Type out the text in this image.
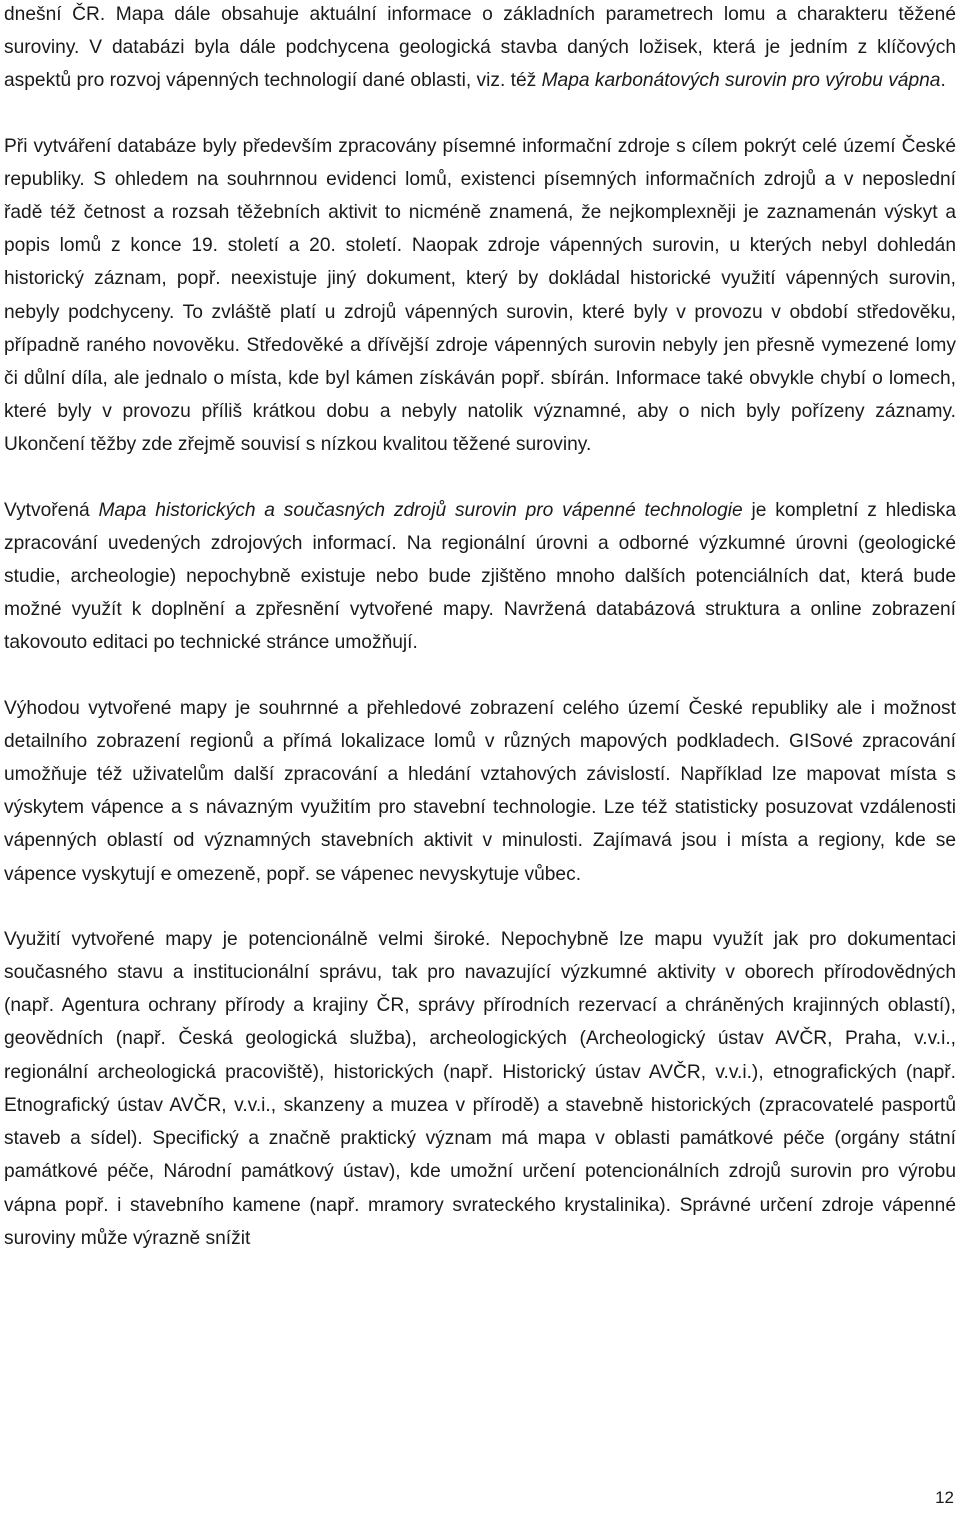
dnešní ČR. Mapa dále obsahuje aktuální informace o základních parametrech lomu a charakteru těžené suroviny. V databázi byla dále podchycena geologická stavba daných ložisek, která je jedním z klíčových aspektů pro rozvoj vápenných technologií dané oblasti, viz. též Mapa karbonátových surovin pro výrobu vápna.

Při vytváření databáze byly především zpracovány písemné informační zdroje s cílem pokrýt celé území České republiky. S ohledem na souhrnnou evidenci lomů, existenci písemných informačních zdrojů a v neposlední řadě též četnost a rozsah těžebních aktivit to nicméně znamená, že nejkomplexněji je zaznamenán výskyt a popis lomů z konce 19. století a 20. století. Naopak zdroje vápenných surovin, u kterých nebyl dohledán historický záznam, popř. neexistuje jiný dokument, který by dokládal historické využití vápenných surovin, nebyly podchyceny. To zvláště platí u zdrojů vápenných surovin, které byly v provozu v období středověku, případně raného novověku. Středověké a dřívější zdroje vápenných surovin nebyly jen přesně vymezené lomy či důlní díla, ale jednalo o místa, kde byl kámen získáván popř. sbírán. Informace také obvykle chybí o lomech, které byly v provozu příliš krátkou dobu a nebyly natolik významné, aby o nich byly pořízeny záznamy. Ukončení těžby zde zřejmě souvisí s nízkou kvalitou těžené suroviny.

Vytvořená Mapa historických a současných zdrojů surovin pro vápenné technologie je kompletní z hlediska zpracování uvedených zdrojových informací. Na regionální úrovni a odborné výzkumné úrovni (geologické studie, archeologie) nepochybně existuje nebo bude zjištěno mnoho dalších potenciálních dat, která bude možné využít k doplnění a zpřesnění vytvořené mapy. Navržená databázová struktura a online zobrazení takovouto editaci po technické stránce umožňují.

Výhodou vytvořené mapy je souhrnné a přehledové zobrazení celého území České republiky ale i možnost detailního zobrazení regionů a přímá lokalizace lomů v různých mapových podkladech. GISové zpracování umožňuje též uživatelům další zpracování a hledání vztahových závislostí. Například lze mapovat místa s výskytem vápence a s návazným využitím pro stavební technologie. Lze též statisticky posuzovat vzdálenosti vápenných oblastí od významných stavebních aktivit v minulosti. Zajímavá jsou i místa a regiony, kde se vápence vyskytují e omezeně, popř. se vápenec nevyskytuje vůbec.

Využití vytvořené mapy je potencionálně velmi široké. Nepochybně lze mapu využít jak pro dokumentaci současného stavu a institucionální správu, tak pro navazující výzkumné aktivity v oborech přírodovědných (např. Agentura ochrany přírody a krajiny ČR, správy přírodních rezervací a chráněných krajinných oblastí), geovědních (např. Česká geologická služba), archeologických (Archeologický ústav AVČR, Praha, v.v.i., regionální archeologická pracoviště), historických (např. Historický ústav AVČR, v.v.i.), etnografických (např. Etnografický ústav AVČR, v.v.i., skanzeny a muzea v přírodě) a stavebně historických (zpracovatelé pasportů staveb a sídel). Specifický a značně praktický význam má mapa v oblasti památkové péče (orgány státní památkové péče, Národní památkový ústav), kde umožní určení potencionálních zdrojů surovin pro výrobu vápna popř. i stavebního kamene (např. mramory svrateckého krystalinika). Správné určení zdroje vápenné suroviny může výrazně snížit

12
